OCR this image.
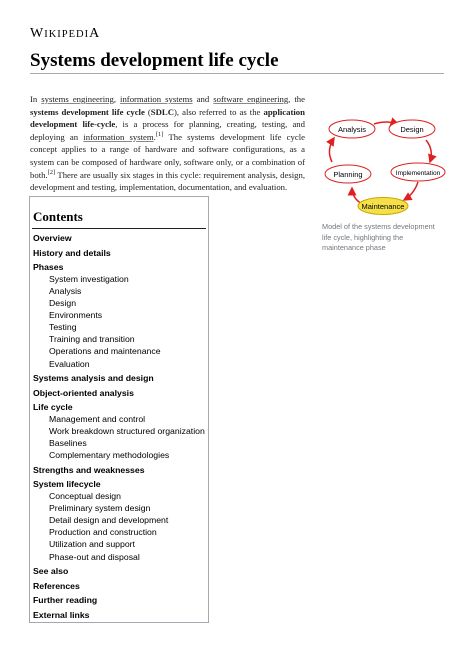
WIKIPEDIA
Systems development life cycle

In systems engineering, information systems and software engineering, the systems development life cycle (SDLC), also referred to as the application development life-cycle, is a process for planning, creating, testing, and deploying an information system.[1] The systems development life cycle concept applies to a range of hardware and software configurations, as a system can be composed of hardware only, software only, or a combination of both.[2] There are usually six stages in this cycle: requirement analysis, design, development and testing, implementation, documentation, and evaluation.

Analysis	Design
Implementation
Maintenance
Planning
Model of the systems development life cycle, highlighting the maintenance phase
Contents
Overview
History and details
Phases
System investigation
Analysis
Design
Environments
Testing
Training and transition
Operations and maintenance
Evaluation
Systems analysis and design
Object-oriented analysis
Life cycle
Management and control
Work breakdown structured organization
Baselines
Complementary methodologies
Strengths and weaknesses
System lifecycle
Conceptual design
Preliminary system design
Detail design and development
Production and construction
Utilization and support
Phase-out and disposal
See also
References
Further reading
External links
